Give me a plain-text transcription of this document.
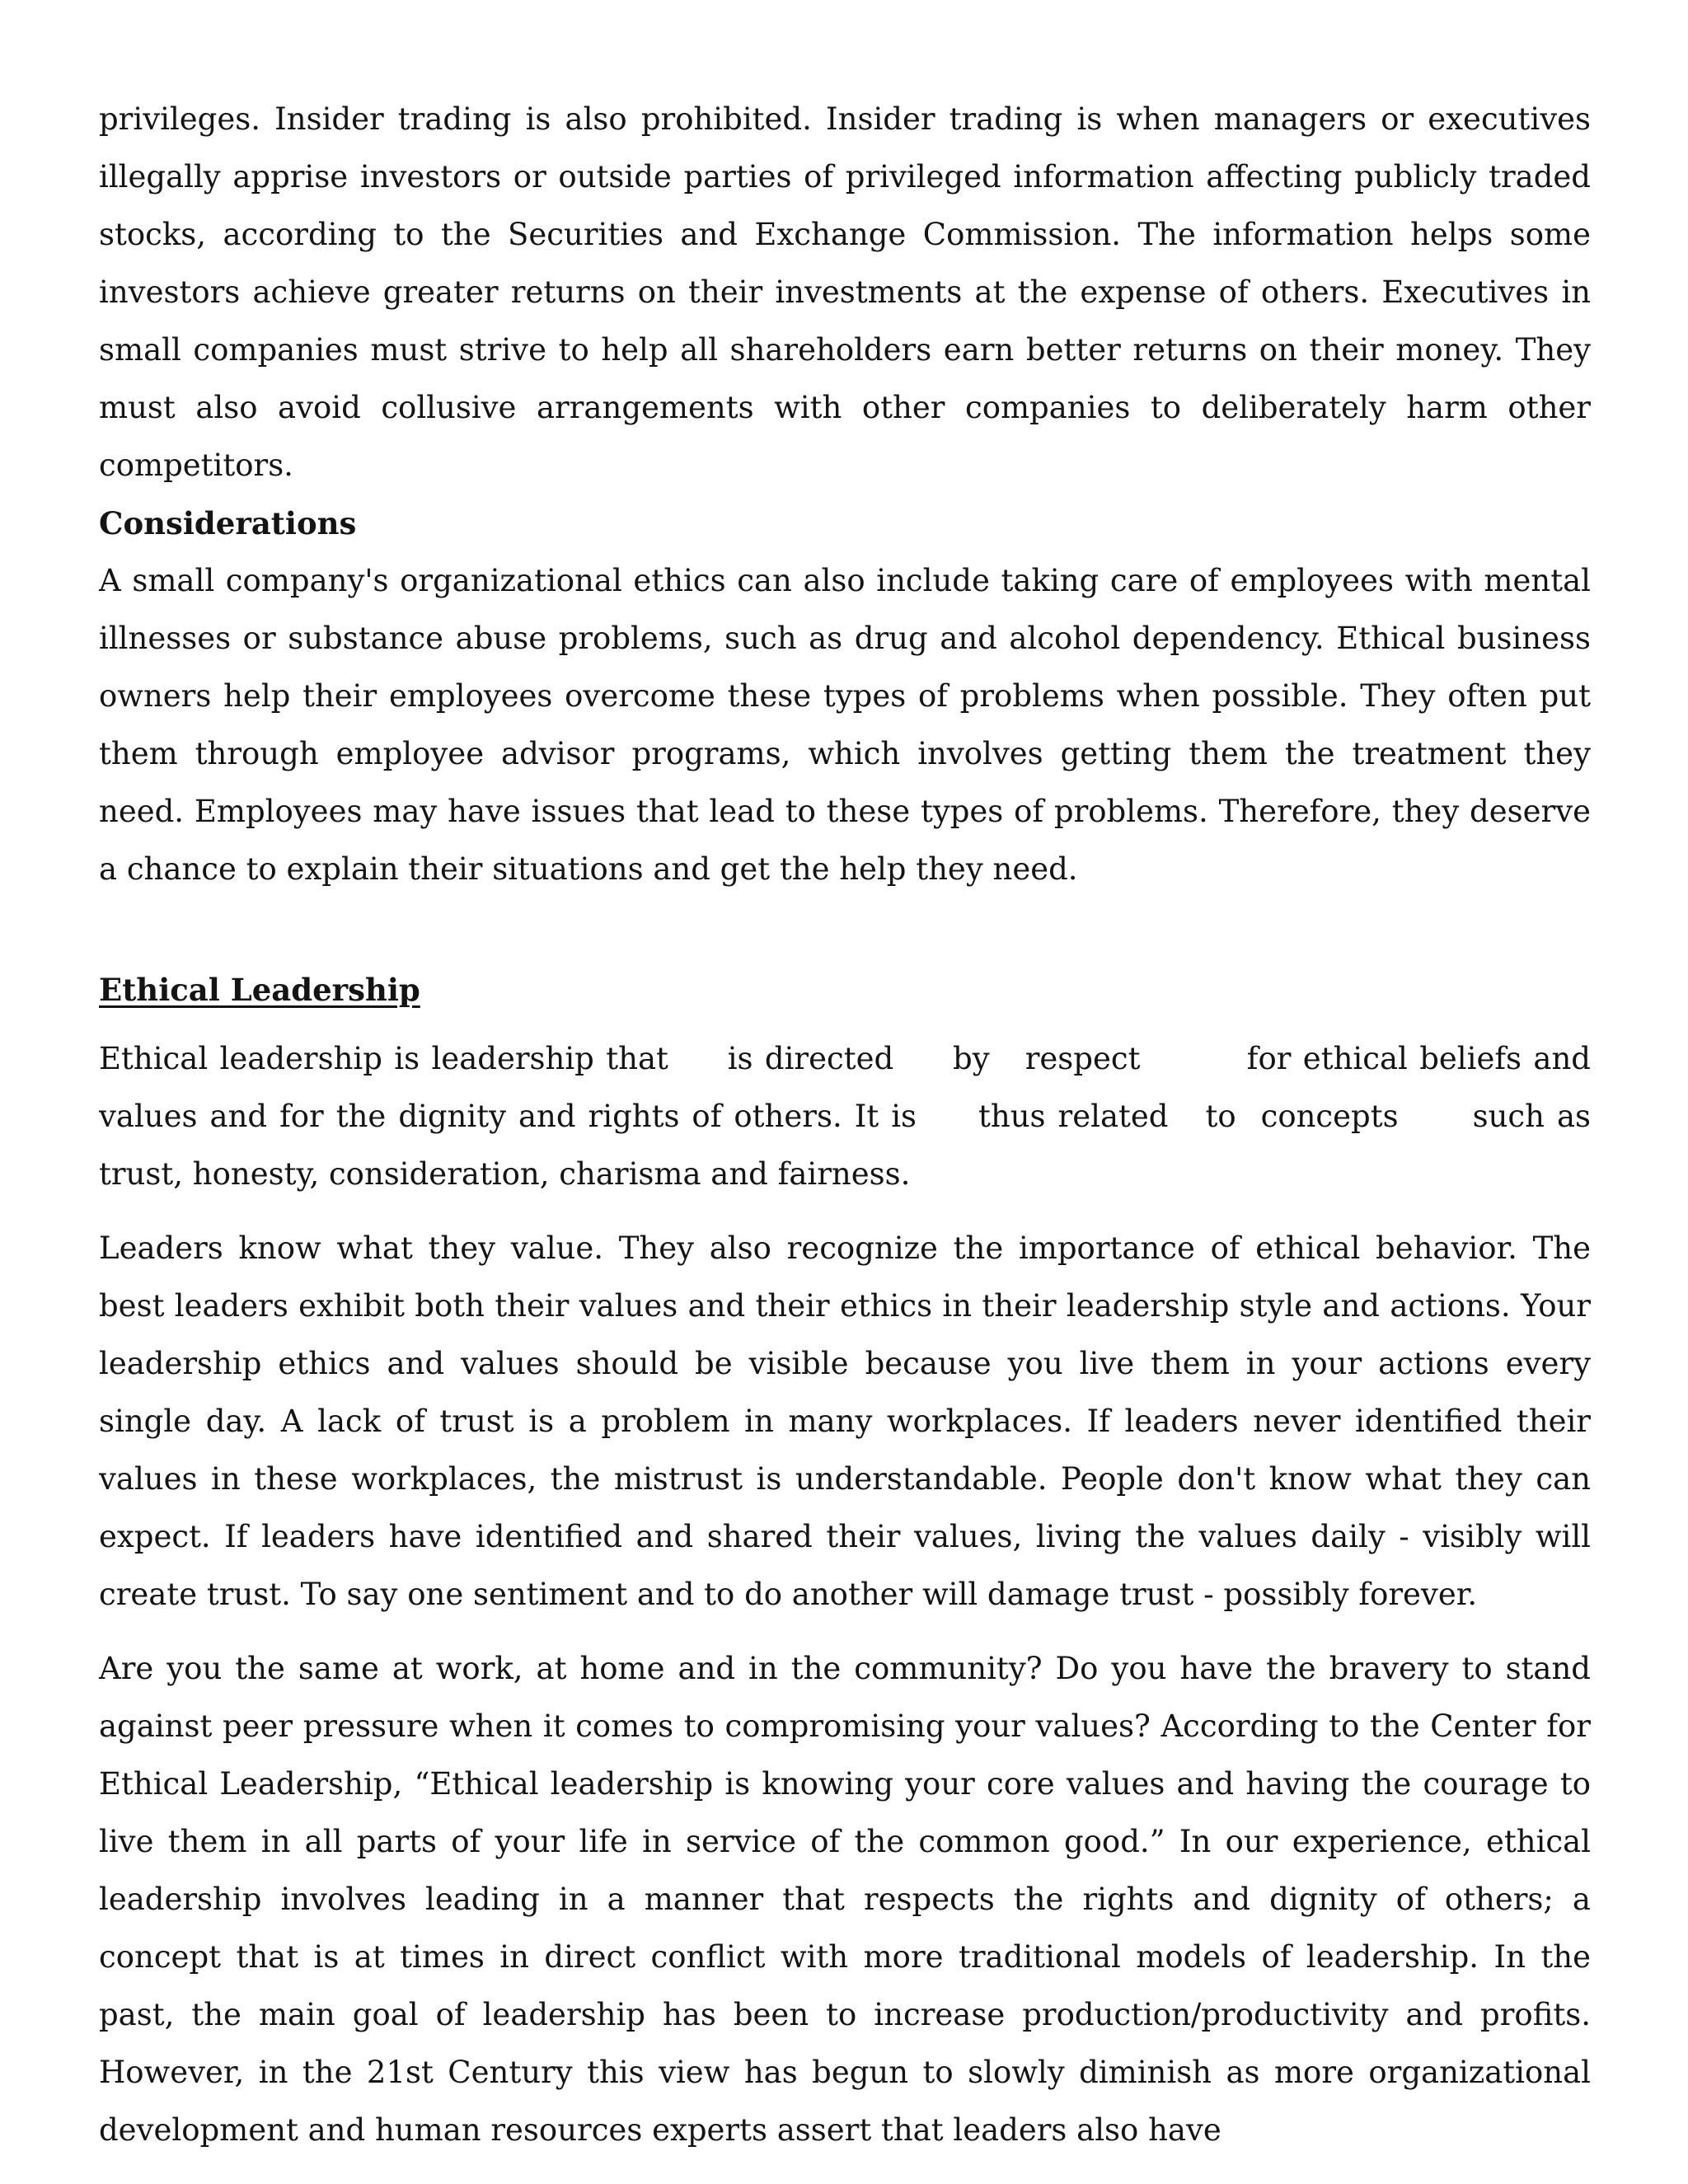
privileges. Insider trading is also prohibited. Insider trading is when managers or executives illegally apprise investors or outside parties of privileged information affecting publicly traded stocks, according to the Securities and Exchange Commission. The information helps some investors achieve greater returns on their investments at the expense of others. Executives in small companies must strive to help all shareholders earn better returns on their money. They must also avoid collusive arrangements with other companies to deliberately harm other competitors.

Considerations

A small company's organizational ethics can also include taking care of employees with mental illnesses or substance abuse problems, such as drug and alcohol dependency. Ethical business owners help their employees overcome these types of problems when possible. They often put them through employee advisor programs, which involves getting them the treatment they need. Employees may have issues that lead to these types of problems. Therefore, they deserve a chance to explain their situations and get the help they need.

Ethical Leadership

Ethical leadership is leadership that     is directed     by   respect         for ethical beliefs and values and for the dignity and rights of others. It is     thus related   to  concepts      such as trust, honesty, consideration, charisma and fairness.

Leaders know what they value. They also recognize the importance of ethical behavior. The best leaders exhibit both their values and their ethics in their leadership style and actions. Your leadership ethics and values should be visible because you live them in your actions every single day. A lack of trust is a problem in many workplaces. If leaders never identified their values in these workplaces, the mistrust is understandable. People don't know what they can expect. If leaders have identified and shared their values, living the values daily - visibly will create trust. To say one sentiment and to do another will damage trust - possibly forever.

Are you the same at work, at home and in the community? Do you have the bravery to stand against peer pressure when it comes to compromising your values? According to the Center for Ethical Leadership, “Ethical leadership is knowing your core values and having the courage to live them in all parts of your life in service of the common good.” In our experience, ethical leadership involves leading in a manner that respects the rights and dignity of others; a concept that is at times in direct conflict with more traditional models of leadership. In the past, the main goal of leadership has been to increase production/productivity and profits. However, in the 21st Century this view has begun to slowly diminish as more organizational development and human resources experts assert that leaders also have
